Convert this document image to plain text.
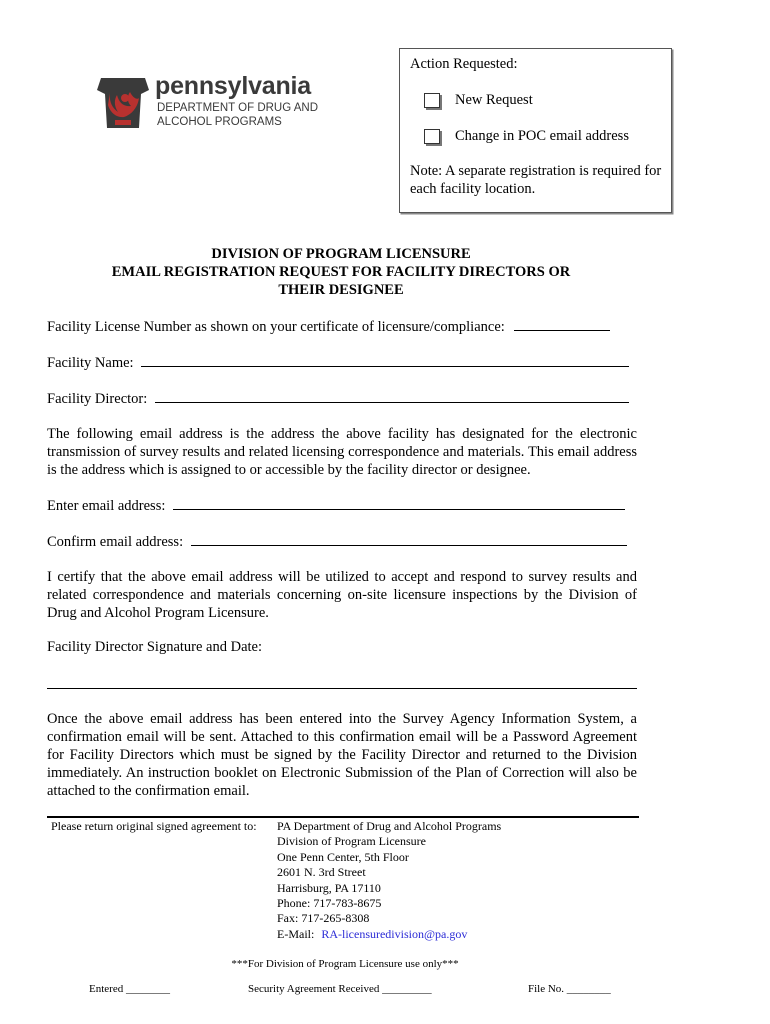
pennsylvania
DEPARTMENT OF DRUG AND
ALCOHOL PROGRAMS
Action Requested:
New Request
Change in POC email address
Note: A separate registration is required for each facility location.
DIVISION OF PROGRAM LICENSURE
EMAIL REGISTRATION REQUEST FOR FACILITY DIRECTORS OR THEIR DESIGNEE
Facility License Number as shown on your certificate of licensure/compliance:
Facility Name:
Facility Director:
The following email address is the address the above facility has designated for the electronic transmission of survey results and related licensing correspondence and materials. This email address is the address which is assigned to or accessible by the facility director or designee.
Enter email address:
Confirm email address:
I certify that the above email address will be utilized to accept and respond to survey results and related correspondence and materials concerning on-site licensure inspections by the Division of Drug and Alcohol Program Licensure.
Facility Director Signature and Date:
Once the above email address has been entered into the Survey Agency Information System, a confirmation email will be sent. Attached to this confirmation email will be a Password Agreement for Facility Directors which must be signed by the Facility Director and returned to the Division immediately. An instruction booklet on Electronic Submission of the Plan of Correction will also be attached to the confirmation email.
Please return original signed agreement to: PA Department of Drug and Alcohol Programs
Division of Program Licensure
One Penn Center, 5th Floor
2601 N. 3rd Street
Harrisburg, PA 17110
Phone: 717-783-8675
Fax: 717-265-8308
E-Mail: RA-licensuredivision@pa.gov
***For Division of Program Licensure use only***
Entered ________	Security Agreement Received _________	File No. ________
